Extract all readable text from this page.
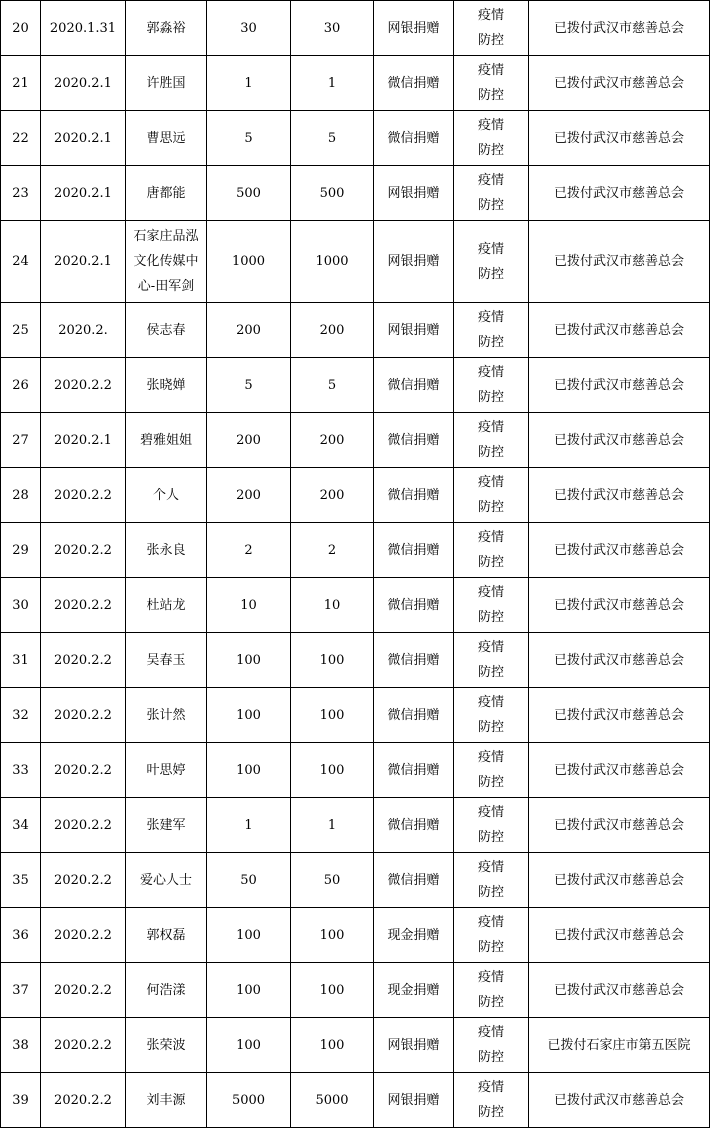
20	2020.1.31	郭淼裕	30	30	网银捐赠	疫情
防控	已拨付武汉市慈善总会
21	2020.2.1	许胜国	1	1	微信捐赠	疫情
防控	已拨付武汉市慈善总会
22	2020.2.1	曹思远	5	5	微信捐赠	疫情
防控	已拨付武汉市慈善总会
23	2020.2.1	唐都能	500	500	网银捐赠	疫情
防控	已拨付武汉市慈善总会
24	2020.2.1	石家庄品泓文化传媒中心-田军剑	1000	1000	网银捐赠	疫情
防控	已拨付武汉市慈善总会
25	2020.2.	侯志春	200	200	网银捐赠	疫情
防控	已拨付武汉市慈善总会
26	2020.2.2	张晓婵	5	5	微信捐赠	疫情
防控	已拨付武汉市慈善总会
27	2020.2.1	碧雅姐姐	200	200	微信捐赠	疫情
防控	已拨付武汉市慈善总会
28	2020.2.2	个人	200	200	微信捐赠	疫情
防控	已拨付武汉市慈善总会
29	2020.2.2	张永良	2	2	微信捐赠	疫情
防控	已拨付武汉市慈善总会
30	2020.2.2	杜站龙	10	10	微信捐赠	疫情
防控	已拨付武汉市慈善总会
31	2020.2.2	吴春玉	100	100	微信捐赠	疫情
防控	已拨付武汉市慈善总会
32	2020.2.2	张计然	100	100	微信捐赠	疫情
防控	已拨付武汉市慈善总会
33	2020.2.2	叶思婷	100	100	微信捐赠	疫情
防控	已拨付武汉市慈善总会
34	2020.2.2	张建军	1	1	微信捐赠	疫情
防控	已拨付武汉市慈善总会
35	2020.2.2	爱心人士	50	50	微信捐赠	疫情
防控	已拨付武汉市慈善总会
36	2020.2.2	郭权磊	100	100	现金捐赠	疫情
防控	已拨付武汉市慈善总会
37	2020.2.2	何浩漾	100	100	现金捐赠	疫情
防控	已拨付武汉市慈善总会
38	2020.2.2	张荣波	100	100	网银捐赠	疫情
防控	已拨付石家庄市第五医院
39	2020.2.2	刘丰源	5000	5000	网银捐赠	疫情
防控	已拨付武汉市慈善总会
